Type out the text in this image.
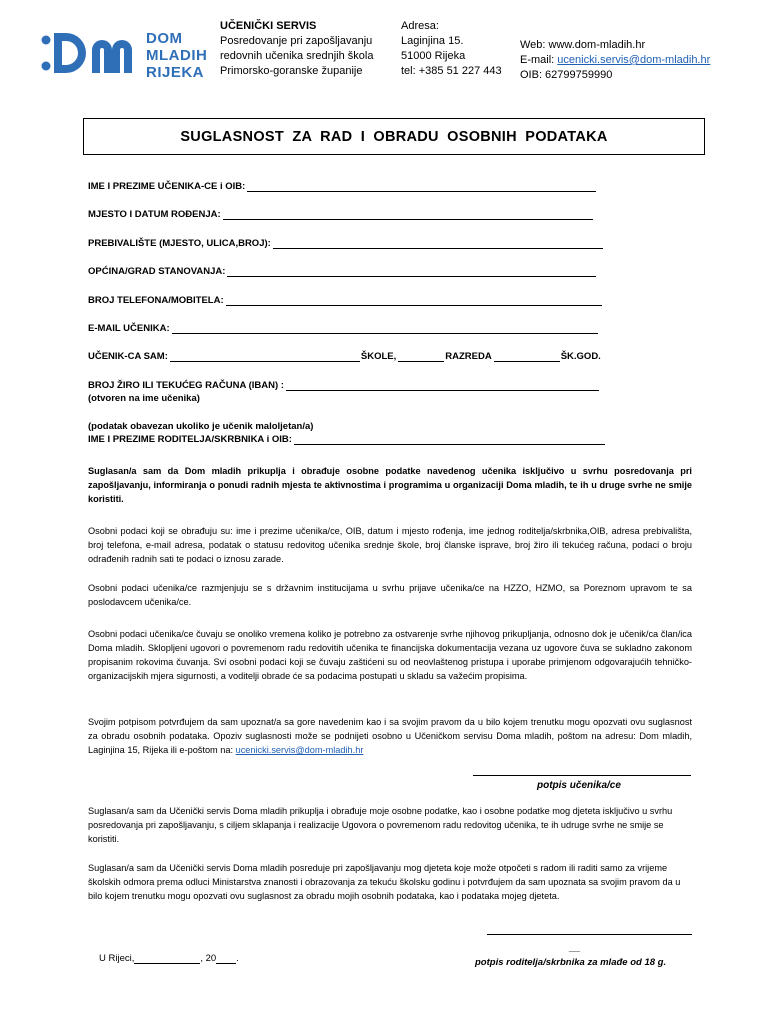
DOM
MLADIH
RIJEKA
UČENIČKI SERVIS
Posredovanje pri zapošljavanju
redovnih učenika srednjih škola
Primorsko-goranske županije
Adresa:
Laginjina 15.
51000 Rijeka
tel: +385 51 227 443
Web: www.dom-mladih.hr
E-mail: ucenicki.servis@dom-mladih.hr
OIB: 62799759990
SUGLASNOST ZA RAD I OBRADU OSOBNIH PODATAKA
IME I PREZIME UČENIKA-CE i OIB:
MJESTO I DATUM ROĐENJA:
PREBIVALIŠTE (MJESTO, ULICA,BROJ):
OPĆINA/GRAD STANOVANJA:
BROJ TELEFONA/MOBITELA:
E-MAIL UČENIKA:
UČENIK-CA SAM:	ŠKOLE,	RAZREDA	ŠK.GOD.
BROJ ŽIRO ILI TEKUĆEG RAČUNA (IBAN) :
(otvoren na ime učenika)
(podatak obavezan ukoliko je učenik maloljetan/a)
IME I PREZIME RODITELJA/SKRBNIKA i OIB:
Suglasan/a sam da Dom mladih prikuplja i obrađuje osobne podatke navedenog učenika isključivo u svrhu posredovanja pri zapošljavanju, informiranja o ponudi radnih mjesta te aktivnostima i programima u organizaciji Doma mladih, te ih u druge svrhe ne smije koristiti.
Osobni podaci koji se obrađuju su: ime i prezime učenika/ce, OIB, datum i mjesto rođenja, ime jednog roditelja/skrbnika,OIB, adresa prebivališta, broj telefona, e-mail adresa, podatak o statusu redovitog učenika srednje škole, broj članske isprave, broj žiro ili tekućeg računa, podaci o broju odrađenih radnih sati te podaci o iznosu zarade.
Osobni podaci učenika/ce razmjenjuju se s državnim institucijama u svrhu prijave učenika/ce na HZZO, HZMO, sa Poreznom upravom te sa poslodavcem učenika/ce.
Osobni podaci učenika/ce čuvaju se onoliko vremena koliko je potrebno za ostvarenje svrhe njihovog prikupljanja, odnosno dok je učenik/ca član/ica Doma mladih. Sklopljeni ugovori o povremenom radu redovitih učenika te financijska dokumentacija vezana uz ugovore čuva se sukladno zakonom propisanim rokovima čuvanja. Svi osobni podaci koji se čuvaju zaštićeni su od neovlaštenog pristupa i uporabe primjenom odgovarajućih tehničko-organizacijskih mjera sigurnosti, a voditelji obrade će sa podacima postupati u skladu sa važećim propisima.
Svojim potpisom potvrđujem da sam upoznat/a sa gore navedenim kao i sa svojim pravom da u bilo kojem trenutku mogu opozvati ovu suglasnost za obradu osobnih podataka. Opoziv suglasnosti može se podnijeti osobno u Učeničkom servisu Doma mladih, poštom na adresu: Dom mladih, Laginjina 15, Rijeka ili e-poštom na: ucenicki.servis@dom-mladih.hr
potpis učenika/ce
Suglasan/a sam da Učenički servis Doma mladih prikuplja i obrađuje moje osobne podatke, kao i osobne podatke mog djeteta isključivo u svrhu posredovanja pri zapošljavanju, s ciljem sklapanja i realizacije Ugovora o povremenom radu redovitog učenika, te ih udruge svrhe ne smije se koristiti.
Suglasan/a sam da Učenički servis Doma mladih posreduje pri zapošljavanju mog djeteta koje može otpočeti s radom ili raditi samo za vrijeme školskih odmora prema odluci Ministarstva znanosti i obrazovanja za tekuću školsku godinu i potvrđujem da sam upoznata sa svojim pravom da u bilo kojem trenutku mogu opozvati ovu suglasnost za obradu mojih osobnih podataka, kao i podataka mojeg djeteta.
__
potpis roditelja/skrbnika za mlađe od 18 g.
U Rijeci,	, 20 .
